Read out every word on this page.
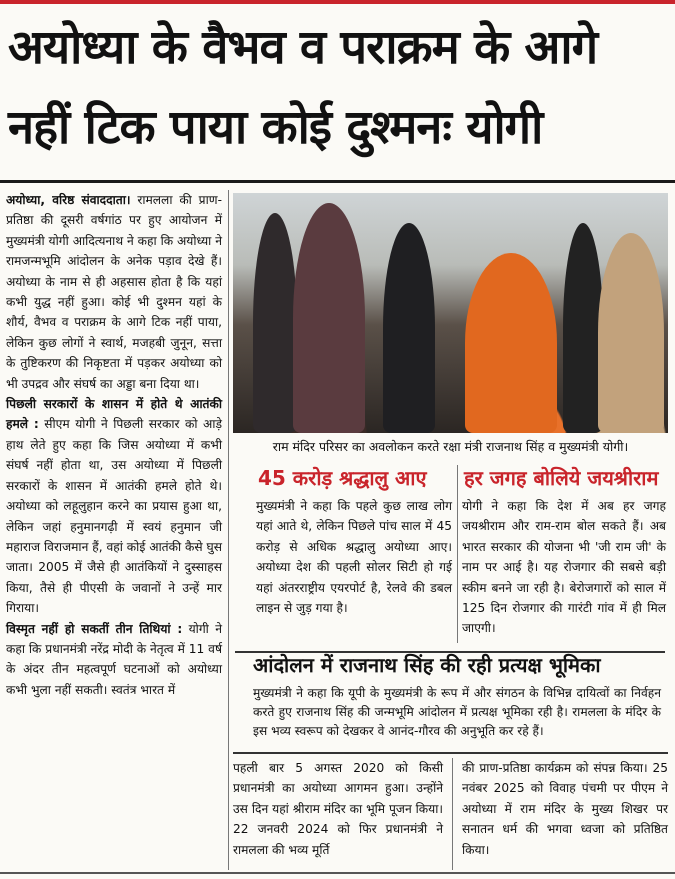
अयोध्या के वैभव व पराक्रम के आगे
नहीं टिक पाया कोई दुश्मनः योगी

अयोध्या, वरिष्ठ संवाददाता। रामलला की प्राण-प्रतिष्ठा की दूसरी वर्षगांठ पर हुए आयोजन में मुख्यमंत्री योगी आदित्यनाथ ने कहा कि अयोध्या ने रामजन्मभूमि आंदोलन के अनेक पड़ाव देखे हैं। अयोध्या के नाम से ही अहसास होता है कि यहां कभी युद्ध नहीं हुआ। कोई भी दुश्मन यहां के शौर्य, वैभव व पराक्रम के आगे टिक नहीं पाया, लेकिन कुछ लोगों ने स्वार्थ, मजहबी जुनून, सत्ता के तुष्टिकरण की निकृष्टता में पड़कर अयोध्या को भी उपद्रव और संघर्ष का अड्डा बना दिया था।

पिछली सरकारों के शासन में होते थे आतंकी हमले : सीएम योगी ने पिछली सरकार को आड़े हाथ लेते हुए कहा कि जिस अयोध्या में कभी संघर्ष नहीं होता था, उस अयोध्या में पिछली सरकारों के शासन में आतंकी हमले होते थे। अयोध्या को लहूलुहान करने का प्रयास हुआ था, लेकिन जहां हनुमानगढ़ी में स्वयं हनुमान जी महाराज विराजमान हैं, वहां कोई आतंकी कैसे घुस जाता। 2005 में जैसे ही आतंकियों ने दुस्साहस किया, तैसे ही पीएसी के जवानों ने उन्हें मार गिराया।

विस्मृत नहीं हो सकतीं तीन तिथियां : योगी ने कहा कि प्रधानमंत्री नरेंद्र मोदी के नेतृत्व में 11 वर्ष के अंदर तीन महत्वपूर्ण घटनाओं को अयोध्या कभी भुला नहीं सकती। स्वतंत्र भारत में

राम मंदिर परिसर का अवलोकन करते रक्षा मंत्री राजनाथ सिंह व मुख्यमंत्री योगी।
45 करोड़ श्रद्धालु आए
मुख्यमंत्री ने कहा कि पहले कुछ लाख लोग यहां आते थे, लेकिन पिछले पांच साल में 45 करोड़ से अधिक श्रद्धालु अयोध्या आए। अयोध्या देश की पहली सोलर सिटी हो गई यहां अंतरराष्ट्रीय एयरपोर्ट है, रेलवे की डबल लाइन से जुड़ गया है।
हर जगह बोलिये जयश्रीराम
योगी ने कहा कि देश में अब हर जगह जयश्रीराम और राम-राम बोल सकते हैं। अब भारत सरकार की योजना भी 'जी राम जी' के नाम पर आई है। यह रोजगार की सबसे बड़ी स्कीम बनने जा रही है। बेरोजगारों को साल में 125 दिन रोजगार की गारंटी गांव में ही मिल जाएगी।
आंदोलन में राजनाथ सिंह की रही प्रत्यक्ष भूमिका
मुख्यमंत्री ने कहा कि यूपी के मुख्यमंत्री के रूप में और संगठन के विभिन्न दायित्वों का निर्वहन करते हुए राजनाथ सिंह की जन्मभूमि आंदोलन में प्रत्यक्ष भूमिका रही है। रामलला के मंदिर के इस भव्य स्वरूप को देखकर वे आनंद-गौरव की अनुभूति कर रहे हैं।
पहली बार 5 अगस्त 2020 को किसी प्रधानमंत्री का अयोध्या आगमन हुआ। उन्होंने उस दिन यहां श्रीराम मंदिर का भूमि पूजन किया।22 जनवरी 2024 को फिर प्रधानमंत्री ने रामलला की भव्य मूर्ति
की प्राण-प्रतिष्ठा कार्यक्रम को संपन्न किया। 25 नवंबर 2025 को विवाह पंचमी पर पीएम ने अयोध्या में राम मंदिर के मुख्य शिखर पर सनातन धर्म की भगवा ध्वजा को प्रतिष्ठित किया।
